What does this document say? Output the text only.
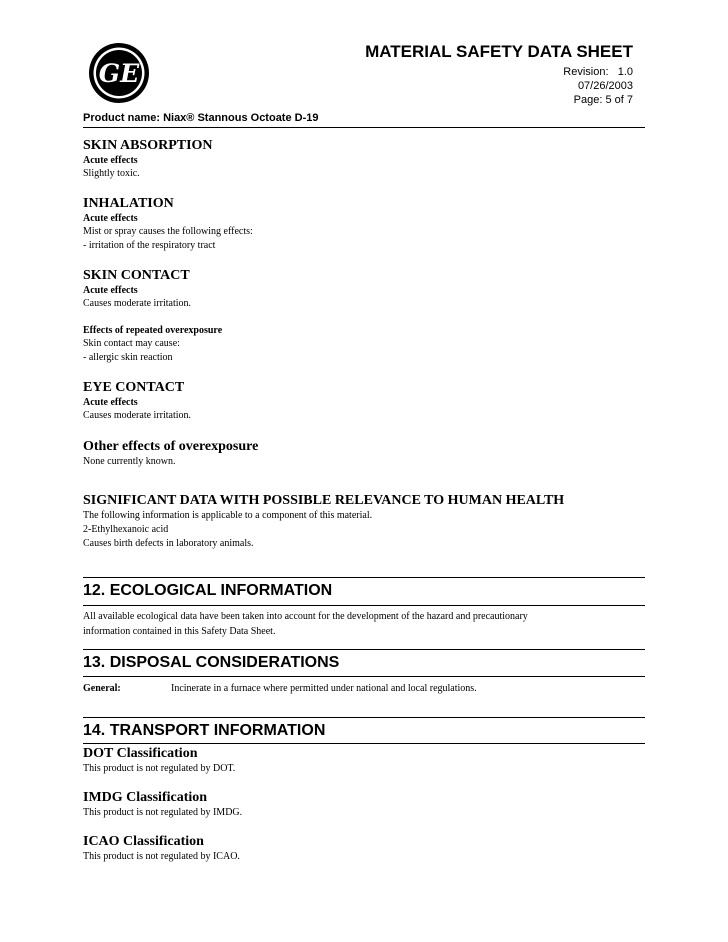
GE
MATERIAL SAFETY DATA SHEET
Revision: 1.0
07/26/2003
Page: 5 of 7
Product name: Niax® Stannous Octoate D-19

SKIN ABSORPTION

Acute effects

Slightly toxic.

INHALATION

Acute effects

Mist or spray causes the following effects:

- irritation of the respiratory tract

SKIN CONTACT

Acute effects

Causes moderate irritation.

Effects of repeated overexposure

Skin contact may cause:

- allergic skin reaction

EYE CONTACT

Acute effects

Causes moderate irritation.

Other effects of overexposure

None currently known.

SIGNIFICANT DATA WITH POSSIBLE RELEVANCE TO HUMAN HEALTH

The following information is applicable to a component of this material.

2-Ethylhexanoic acid

Causes birth defects in laboratory animals.

12. ECOLOGICAL INFORMATION

All available ecological data have been taken into account for the development of the hazard and precautionary

information contained in this Safety Data Sheet.

13. DISPOSAL CONSIDERATIONS
General:	Incinerate in a furnace where permitted under national and local regulations.
14. TRANSPORT INFORMATION

DOT Classification

This product is not regulated by DOT.

IMDG Classification

This product is not regulated by IMDG.

ICAO Classification

This product is not regulated by ICAO.
